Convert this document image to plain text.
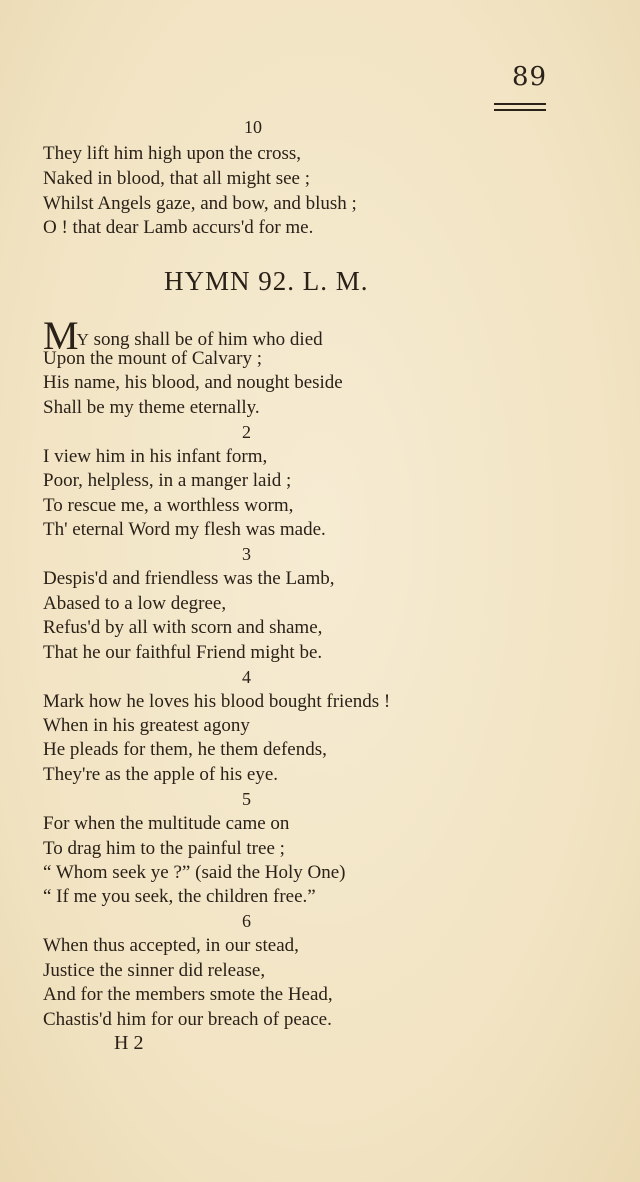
89
10
They lift him high upon the cross,
Naked in blood, that all might see ;
Whilst Angels gaze, and bow, and blush ;
O ! that dear Lamb accurs'd for me.
HYMN 92. L. M.
MY song shall be of him who died
Upon the mount of Calvary ;
His name, his blood, and nought beside
Shall be my theme eternally.
2
I view him in his infant form,
Poor, helpless, in a manger laid ;
To rescue me, a worthless worm,
Th' eternal Word my flesh was made.
3
Despis'd and friendless was the Lamb,
Abased to a low degree,
Refus'd by all with scorn and shame,
That he our faithful Friend might be.
4
Mark how he loves his blood bought friends !
When in his greatest agony
He pleads for them, he them defends,
They're as the apple of his eye.
5
For when the multitude came on
To drag him to the painful tree ;
“ Whom seek ye ?” (said the Holy One)
“ If me you seek, the children free.”
6
When thus accepted, in our stead,
Justice the sinner did release,
And for the members smote the Head,
Chastis'd him for our breach of peace.
H 2
